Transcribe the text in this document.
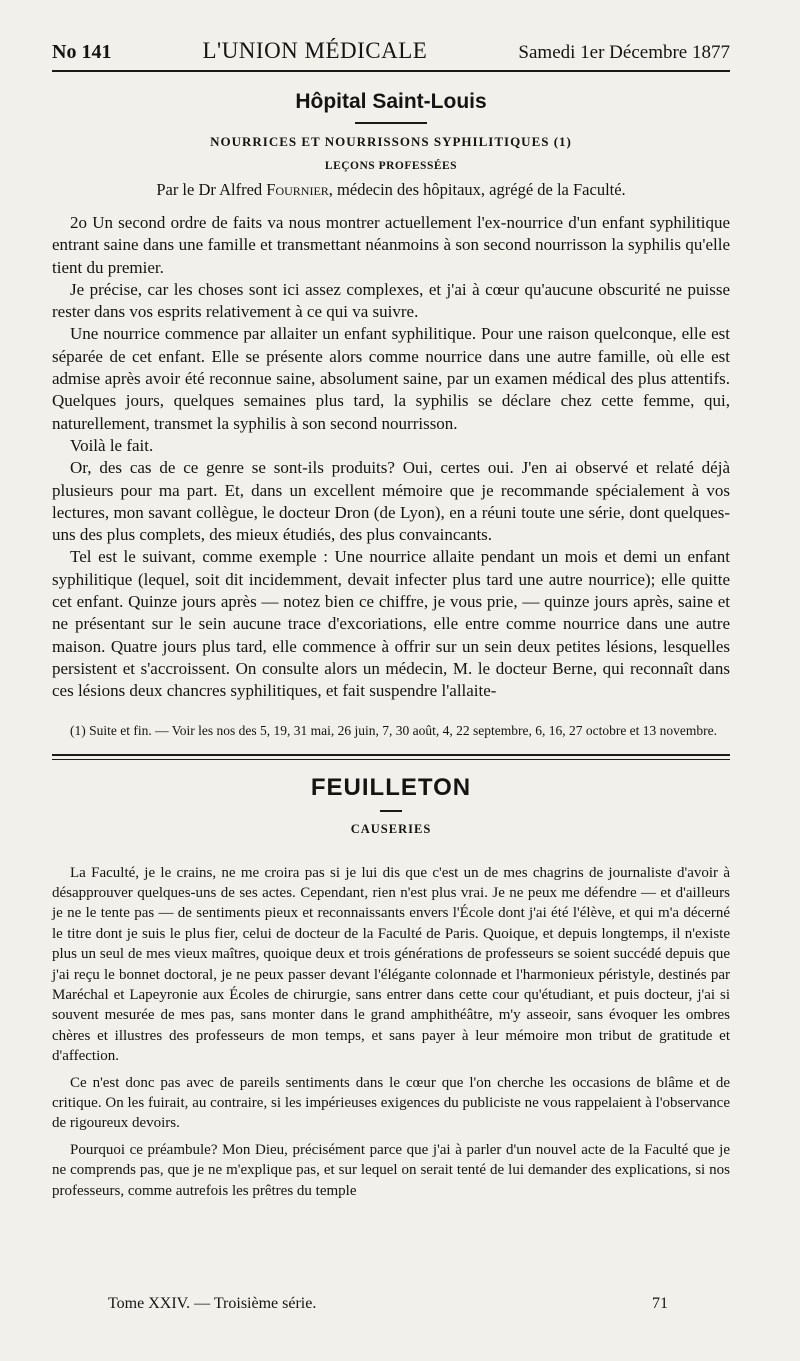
No 141	L'UNION MÉDICALE	Samedi 1er Décembre 1877
Hôpital Saint-Louis
NOURRICES ET NOURRISSONS SYPHILITIQUES (1)
LEÇONS PROFESSÉES
Par le Dr Alfred Fournier, médecin des hôpitaux, agrégé de la Faculté.

2o Un second ordre de faits va nous montrer actuellement l'ex-nourrice d'un enfant syphilitique entrant saine dans une famille et transmettant néanmoins à son second nourrisson la syphilis qu'elle tient du premier.

Je précise, car les choses sont ici assez complexes, et j'ai à cœur qu'aucune obscurité ne puisse rester dans vos esprits relativement à ce qui va suivre.

Une nourrice commence par allaiter un enfant syphilitique. Pour une raison quelconque, elle est séparée de cet enfant. Elle se présente alors comme nourrice dans une autre famille, où elle est admise après avoir été reconnue saine, absolument saine, par un examen médical des plus attentifs. Quelques jours, quelques semaines plus tard, la syphilis se déclare chez cette femme, qui, naturellement, transmet la syphilis à son second nourrisson.

Voilà le fait.

Or, des cas de ce genre se sont-ils produits? Oui, certes oui. J'en ai observé et relaté déjà plusieurs pour ma part. Et, dans un excellent mémoire que je recommande spécialement à vos lectures, mon savant collègue, le docteur Dron (de Lyon), en a réuni toute une série, dont quelques-uns des plus complets, des mieux étudiés, des plus convaincants.

Tel est le suivant, comme exemple : Une nourrice allaite pendant un mois et demi un enfant syphilitique (lequel, soit dit incidemment, devait infecter plus tard une autre nourrice); elle quitte cet enfant. Quinze jours après — notez bien ce chiffre, je vous prie, — quinze jours après, saine et ne présentant sur le sein aucune trace d'excoriations, elle entre comme nourrice dans une autre maison. Quatre jours plus tard, elle commence à offrir sur un sein deux petites lésions, lesquelles persistent et s'accroissent. On consulte alors un médecin, M. le docteur Berne, qui reconnaît dans ces lésions deux chancres syphilitiques, et fait suspendre l'allaite-

(1) Suite et fin. — Voir les nos des 5, 19, 31 mai, 26 juin, 7, 30 août, 4, 22 septembre, 6, 16, 27 octobre et 13 novembre.
FEUILLETON
CAUSERIES

La Faculté, je le crains, ne me croira pas si je lui dis que c'est un de mes chagrins de journaliste d'avoir à désapprouver quelques-uns de ses actes. Cependant, rien n'est plus vrai. Je ne peux me défendre — et d'ailleurs je ne le tente pas — de sentiments pieux et reconnaissants envers l'École dont j'ai été l'élève, et qui m'a décerné le titre dont je suis le plus fier, celui de docteur de la Faculté de Paris. Quoique, et depuis longtemps, il n'existe plus un seul de mes vieux maîtres, quoique deux et trois générations de professeurs se soient succédé depuis que j'ai reçu le bonnet doctoral, je ne peux passer devant l'élégante colonnade et l'harmonieux péristyle, destinés par Maréchal et Lapeyronie aux Écoles de chirurgie, sans entrer dans cette cour qu'étudiant, et puis docteur, j'ai si souvent mesurée de mes pas, sans monter dans le grand amphithéâtre, m'y asseoir, sans évoquer les ombres chères et illustres des professeurs de mon temps, et sans payer à leur mémoire mon tribut de gratitude et d'affection.

Ce n'est donc pas avec de pareils sentiments dans le cœur que l'on cherche les occasions de blâme et de critique. On les fuirait, au contraire, si les impérieuses exigences du publiciste ne vous rappelaient à l'observance de rigoureux devoirs.

Pourquoi ce préambule? Mon Dieu, précisément parce que j'ai à parler d'un nouvel acte de la Faculté que je ne comprends pas, que je ne m'explique pas, et sur lequel on serait tenté de lui demander des explications, si nos professeurs, comme autrefois les prêtres du temple

Tome XXIV. — Troisième série.	71
